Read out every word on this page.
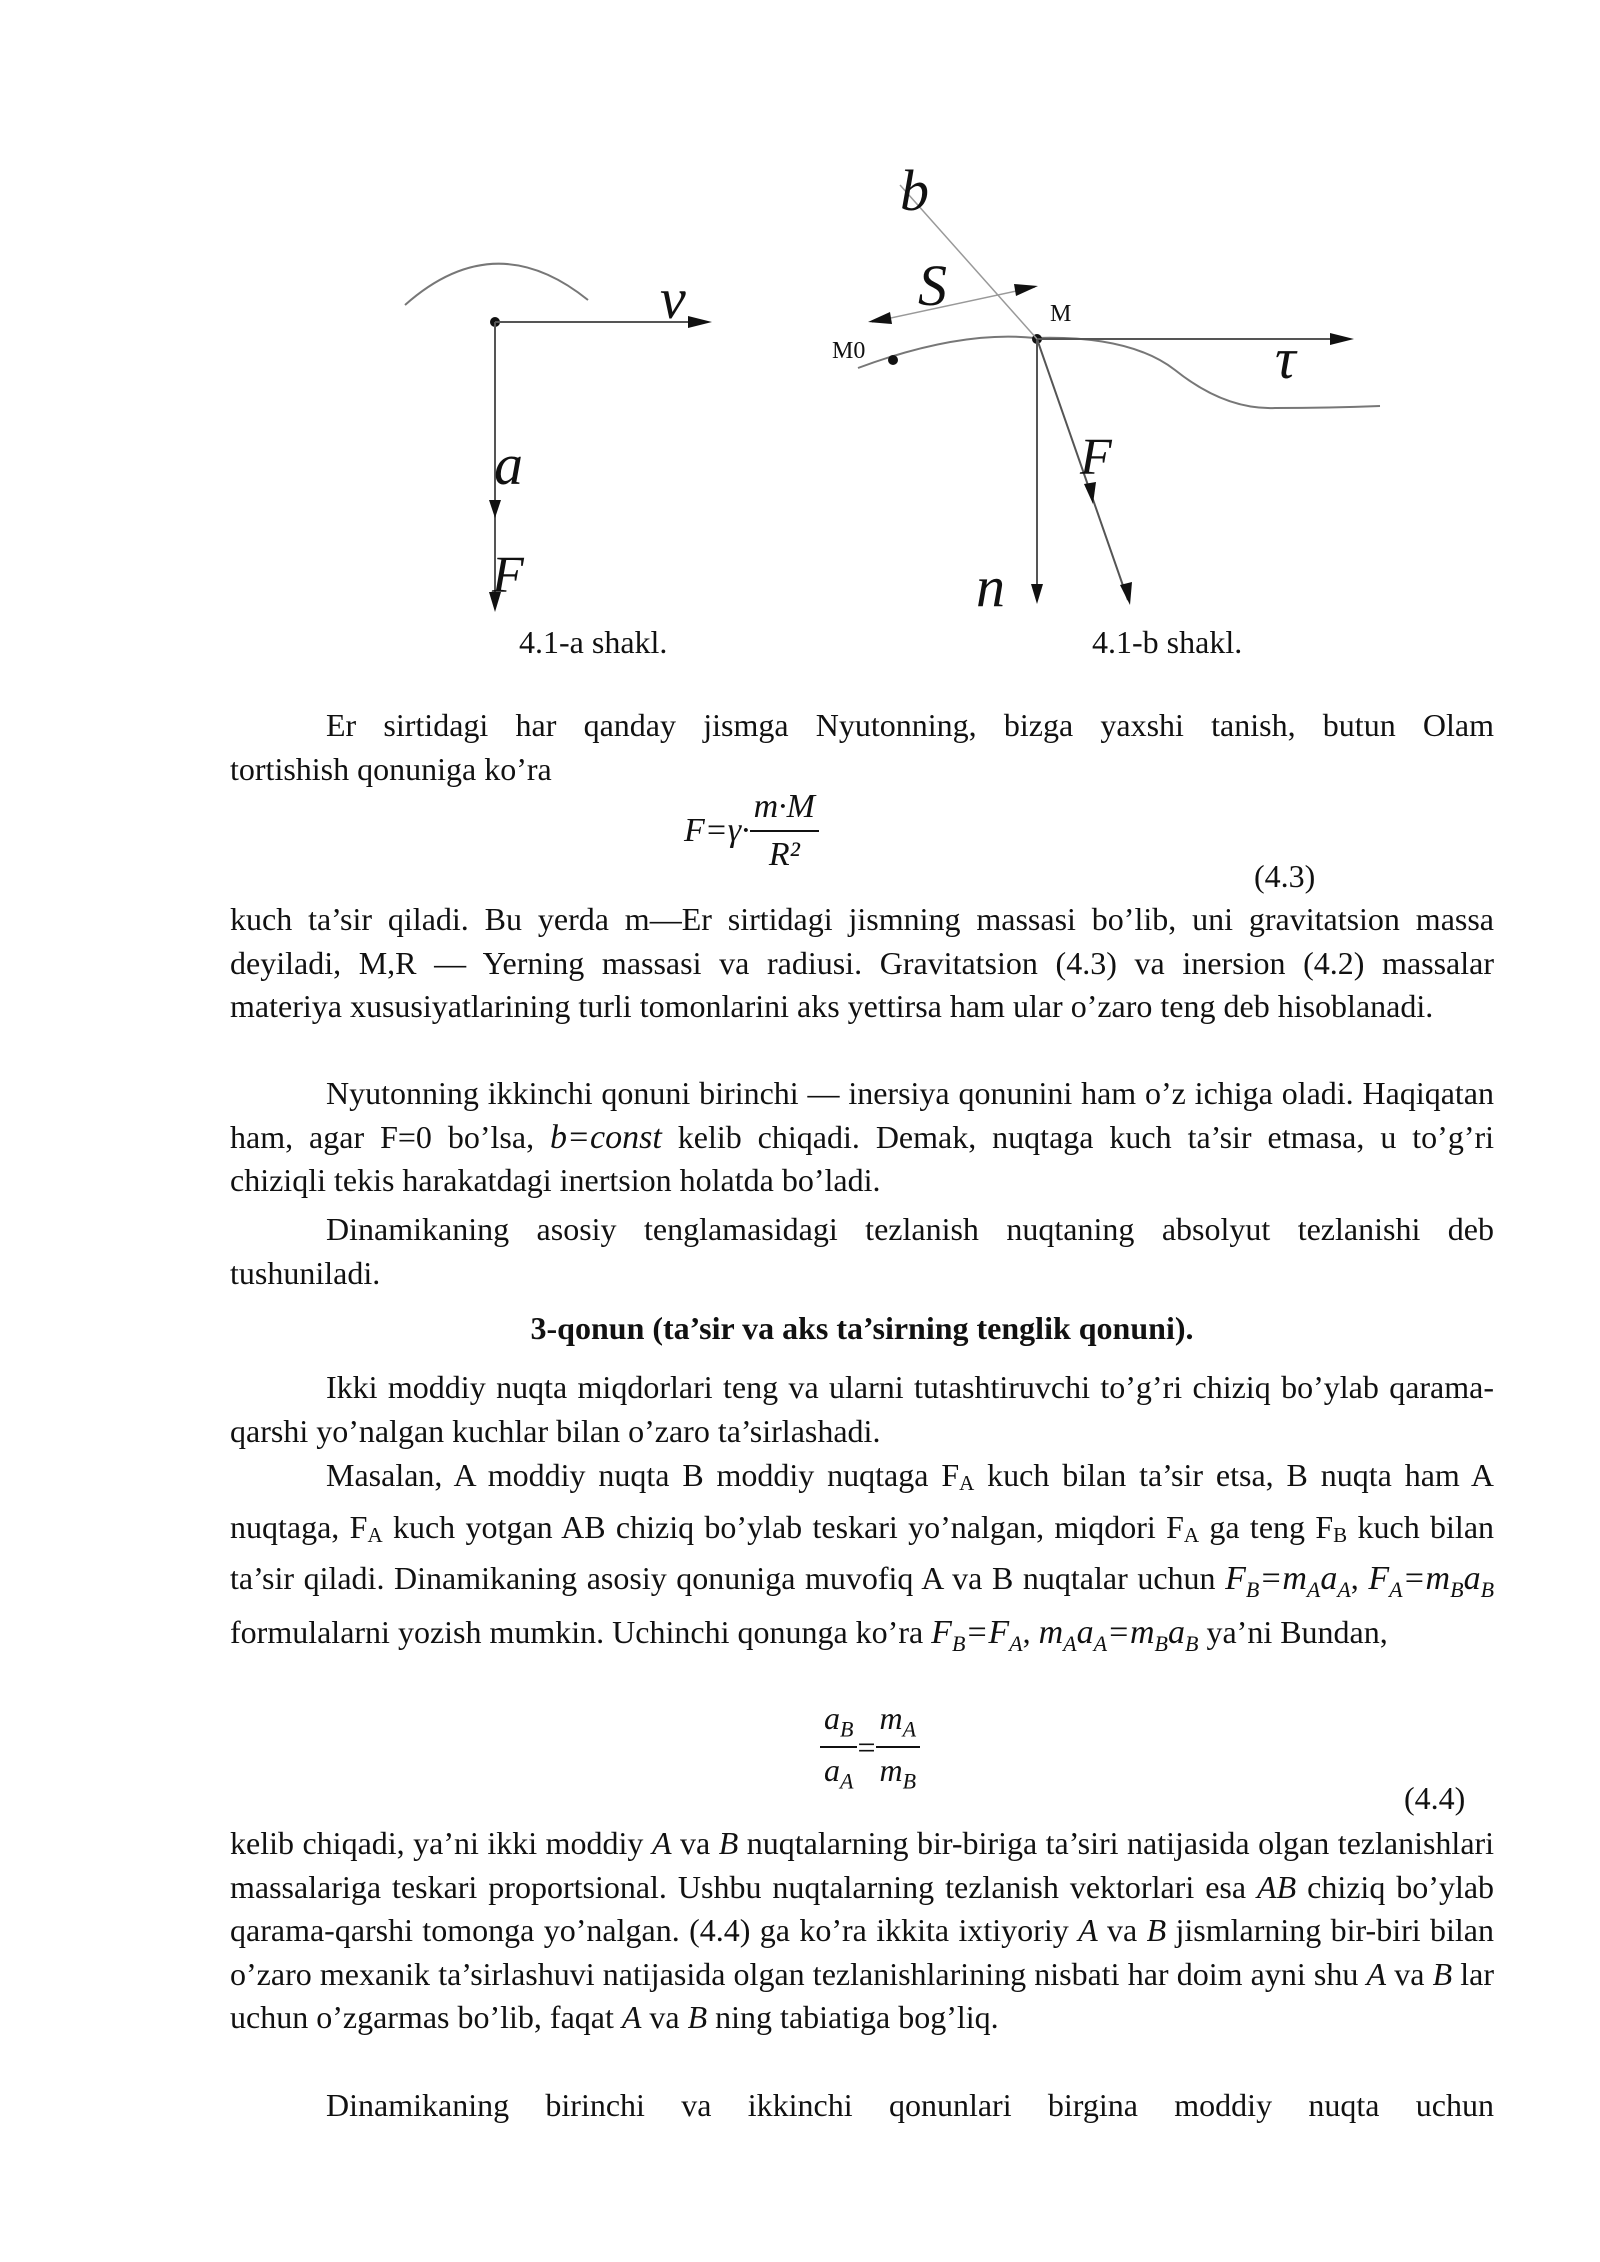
v
a
F
M
M0
b
S
τ
n
F
4.1-a shakl.	4.1-b shakl.
Er sirtidagi har qanday jismga Nyutonning, bizga yaxshi tanish, butun Olam
tortishish qonuniga ko’ra
$F=\gamma\cdot \frac{m\cdot M}{\text{R²}}$
(4.3)
kuch ta’sir qiladi. Bu yerda m—Er sirtidagi jismning massasi bo’lib, uni gravitatsion massa deyiladi, M,R — Yerning massasi va radiusi. Gravitatsion (4.3) va inersion (4.2) massalar materiya xususiyatlarining turli tomonlarini aks yettirsa ham ular o’zaro teng deb hisoblanadi.
Nyutonning ikkinchi qonuni birinchi — inersiya qonunini ham o’z ichiga oladi. Haqiqatan ham, agar F=0 bo’lsa, b=const kelib chiqadi. Demak, nuqtaga kuch ta’sir etmasa, u to’g’ri chiziqli tekis harakatdagi inertsion holatda bo’ladi.
Dinamikaning asosiy tenglamasidagi tezlanish nuqtaning absolyut tezlanishi deb tushuniladi.
3-qonun (ta’sir va aks ta’sirning tenglik qonuni).
Ikki moddiy nuqta miqdorlari teng va ularni tutashtiruvchi to’g’ri chiziq bo’ylab qarama-qarshi yo’nalgan kuchlar bilan o’zaro ta’sirlashadi.
Masalan, A moddiy nuqta B moddiy nuqtaga $F_A$ kuch bilan ta’sir etsa, B nuqta ham A nuqtaga, $F_A$ kuch yotgan AB chiziq bo’ylab teskari yo’nalgan, miqdori $F_A$ ga teng $F_B$ kuch bilan ta’sir qiladi. Dinamikaning asosiy qonuniga muvofiq A va B nuqtalar uchun $F_B=m_Aa_A$, $F_A=m_Ba_B$ formulalarni yozish mumkin. Uchinchi qonunga ko’ra $F_B=F_A$, $m_Aa_A=m_Ba_B$ ya’ni Bundan,
$\frac{a_B}{a_A} = \frac{m_A}{m_B}$
(4.4)
kelib chiqadi, ya’ni ikki moddiy A va B nuqtalarning bir-biriga ta’siri natijasida olgan tezlanishlari massalariga teskari proportsional. Ushbu nuqtalarning tezlanish vektorlari esa AB chiziq bo’ylab qarama-qarshi tomonga yo’nalgan. (4.4) ga ko’ra ikkita ixtiyoriy A va B jismlarning bir-biri bilan o’zaro mexanik ta’sirlashuvi natijasida olgan tezlanishlarining nisbati har doim ayni shu A va B lar uchun o’zgarmas bo’lib, faqat A va B ning tabiatiga bog’liq.
Dinamikaning birinchi va ikkinchi qonunlari birgina moddiy nuqta uchun
